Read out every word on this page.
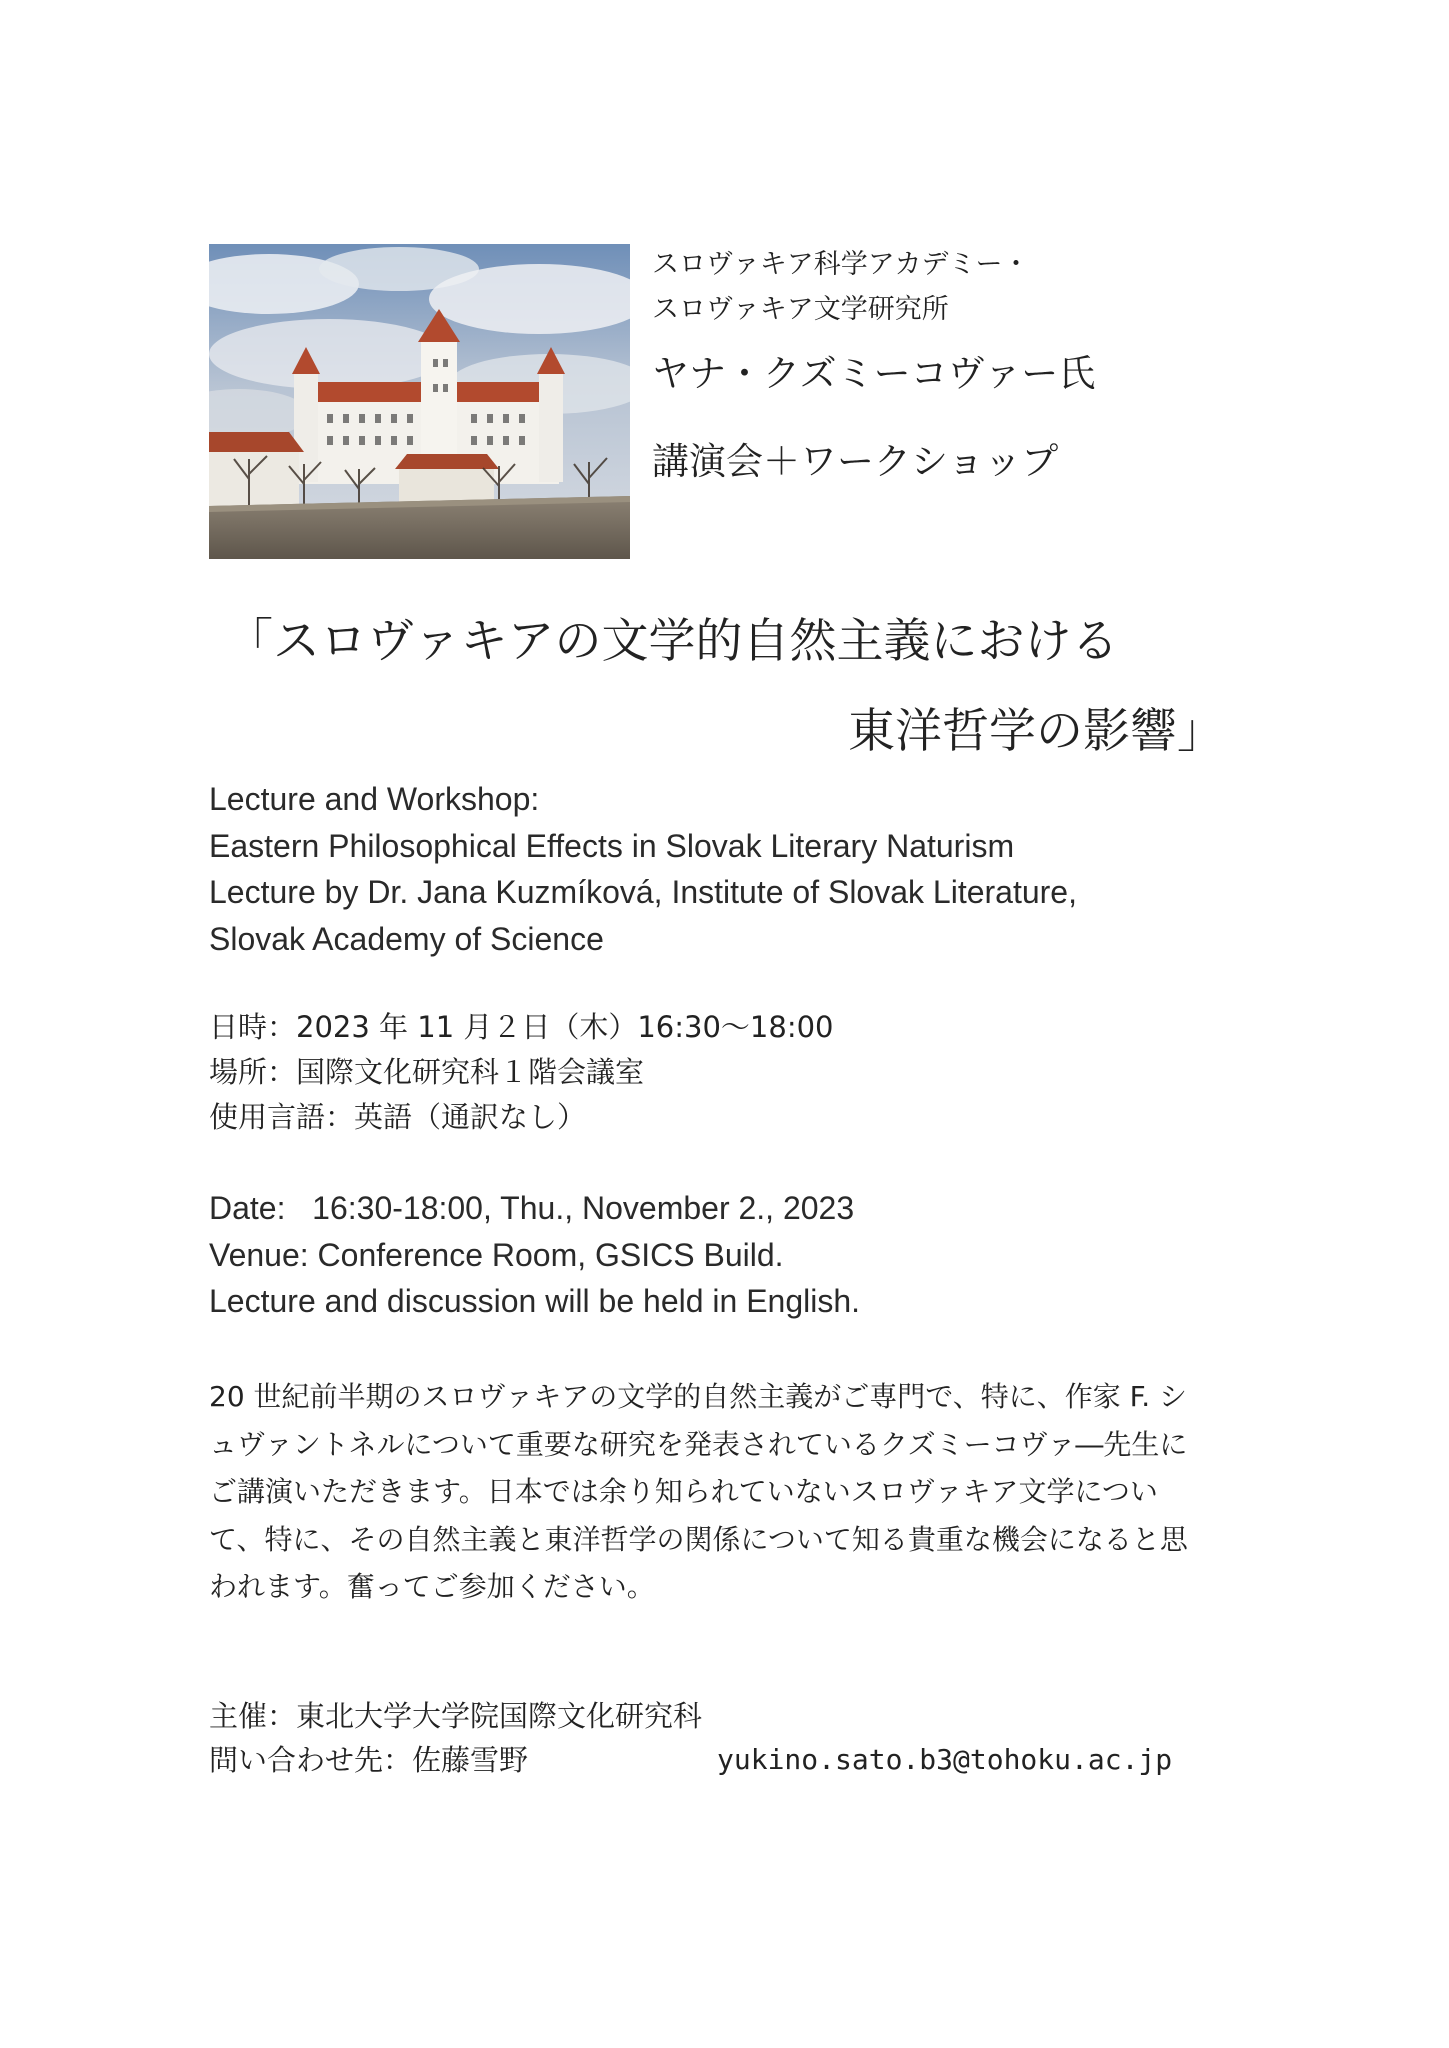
スロヴァキア科学アカデミー・
スロヴァキア文学研究所
ヤナ・クズミーコヴァー氏
講演会＋ワークショップ
「スロヴァキアの文学的自然主義における
東洋哲学の影響」
Lecture and Workshop:
Eastern Philosophical Effects in Slovak Literary Naturism
Lecture by Dr. Jana Kuzmíková, Institute of Slovak Literature,
Slovak Academy of Science
日時：2023 年 11 月２日（木）16:30～18:00
場所：国際文化研究科１階会議室
使用言語：英語（通訳なし）
Date:   16:30-18:00, Thu., November 2., 2023
Venue: Conference Room, GSICS Build.
Lecture and discussion will be held in English.
20 世紀前半期のスロヴァキアの文学的自然主義がご専門で、特に、作家 F. シ
ュヴァントネルについて重要な研究を発表されているクズミーコヴァ―先生に
ご講演いただきます。日本では余り知られていないスロヴァキア文学につい
て、特に、その自然主義と東洋哲学の関係について知る貴重な機会になると思
われます。奮ってご参加ください。
主催：東北大学大学院国際文化研究科
問い合わせ先：佐藤雪野	yukino.sato.b3@tohoku.ac.jp
